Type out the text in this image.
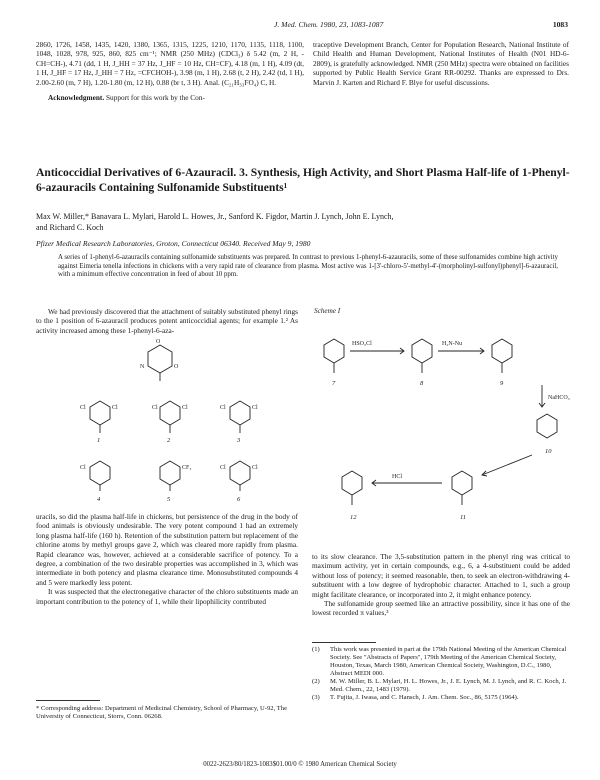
J. Med. Chem. 1980, 23, 1083-1087	1083
2860, 1726, 1458, 1435, 1420, 1380, 1365, 1315, 1225, 1210, 1170, 1135, 1118, 1100, 1048, 1028, 978, 925, 860, 825 cm⁻¹; NMR (250 MHz) (CDCl₃) δ 5.42 (m, 2 H, -CH=CH-), 4.71 (dd, 1 H, J_HH = 37 Hz, J_HF = 10 Hz, CH=CF), 4.18 (m, 1 H), 4.09 (dt, 1 H, J_HF = 17 Hz, J_HH = 7 Hz, =CFCHOH-), 3.98 (m, 1 H), 2.68 (t, 2 H), 2.42 (td, 1 H), 2.00-2.60 (m, 7 H), 1.20-1.80 (m, 12 H), 0.88 (br t, 3 H). Anal. (C₂₁H₃₃FO₄) C, H.
Acknowledgment. Support for this work by the Con-
traceptive Development Branch, Center for Population Research, National Institute of Child Health and Human Development, National Institutes of Health (N01 HD-6-2809), is gratefully acknowledged. NMR (250 MHz) spectra were obtained on facilities supported by Public Health Service Grant RR-00292. Thanks are expressed to Drs. Marvin J. Karten and Richard F. Blye for useful discussions.
Anticoccidial Derivatives of 6-Azauracil. 3. Synthesis, High Activity, and Short Plasma Half-life of 1-Phenyl-6-azauracils Containing Sulfonamide Substituents¹
Max W. Miller,* Banavara L. Mylari, Harold L. Howes, Jr., Sanford K. Figdor, Martin J. Lynch, John E. Lynch,
and Richard C. Koch
Pfizer Medical Research Laboratories, Groton, Connecticut 06340. Received May 9, 1980
A series of 1-phenyl-6-azauracils containing sulfonamide substituents was prepared. In contrast to previous 1-phenyl-6-azauracils, some of these sulfonamides combine high activity against Eimeria tenella infections in chickens with a very rapid rate of clearance from plasma. Most active was 1-[3'-chloro-5'-methyl-4'-(morpholinyl-sulfonyl)phenyl]-6-azauracil, with a minimum effective concentration in feed of about 10 ppm.
We had previously discovered that the attachment of suitably substituted phenyl rings to the 1 position of 6-azauracil produces potent anticoccidial agents; for example 1.² As activity increased among these 1-phenyl-6-aza-
O
O
N
Cl	Cl	Cl	Cl	Cl	Cl
Cl	CF₃	Cl	Cl
1	2	3
4	5	6
Scheme I
HSO₃Cl	H₂N-Nu
NaHCO₃
HCl
7	8	9
10
11
12

uracils, so did the plasma half-life in chickens, but persistence of the drug in the body of food animals is obviously undesirable. The very potent compound 1 had an extremely long plasma half-life (160 h). Retention of the substitution pattern but replacement of the chlorine atoms by methyl groups gave 2, which was cleared more rapidly from plasma. Rapid clearance was, however, achieved at a considerable sacrifice of potency. To a degree, a combination of the two desirable properties was accomplished in 3, which was intermediate in both potency and plasma clearance time. Monosubstituted compounds 4 and 5 were markedly less potent.

It was suspected that the electronegative character of the chloro substituents made an important contribution to the potency of 1, while their lipophilicity contributed

to its slow clearance. The 3,5-substitution pattern in the phenyl ring was critical to maximum activity, yet in certain compounds, e.g., 6, a 4-substituent could be added without loss of potency; it seemed reasonable, then, to seek an electron-withdrawing 4-substituent with a low degree of hydrophobic character. Attached to 1, such a group might facilitate clearance, or incorporated into 2, it might enhance potency.

The sulfonamide group seemed like an attractive possibility, since it has one of the lowest recorded π values,³

(1)	This work was presented in part at the 179th National Meeting of the American Chemical Society. See "Abstracts of Papers", 179th Meeting of the American Chemical Society, Houston, Texas, March 1980, American Chemical Society, Washington, D.C., 1980, Abstract MEDI 000.
(2)	M. W. Miller, B. L. Mylari, H. L. Howes, Jr., J. E. Lynch, M. J. Lynch, and R. C. Koch, J. Med. Chem., 22, 1483 (1979).
(3)	T. Fujita, J. Iwasa, and C. Hansch, J. Am. Chem. Soc., 86, 5175 (1964).
* Corresponding address: Department of Medicinal Chemistry, School of Pharmacy, U-92, The University of Connecticut, Storrs, Conn. 06268.
0022-2623/80/1823-1083$01.00/0 © 1980 American Chemical Society
